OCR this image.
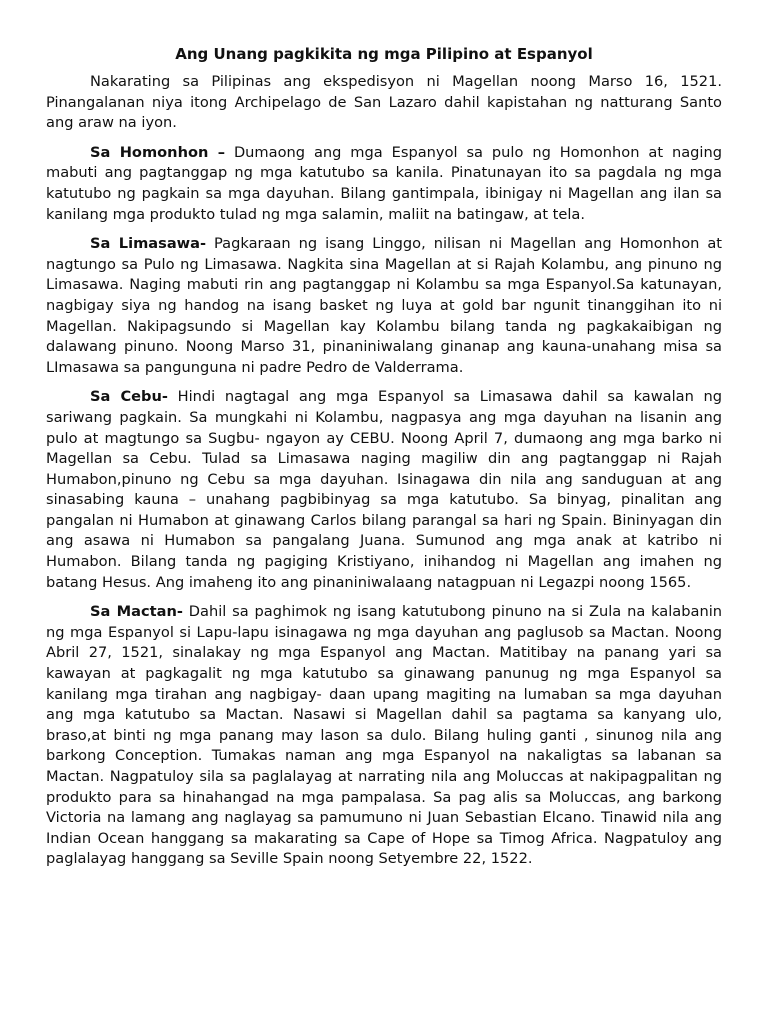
Ang Unang pagkikita ng mga Pilipino at Espanyol

Nakarating sa Pilipinas ang ekspedisyon ni Magellan noong Marso 16, 1521. Pinangalanan niya itong Archipelago de San Lazaro dahil kapistahan ng natturang Santo ang araw na iyon.

Sa Homonhon – Dumaong ang mga Espanyol sa pulo ng Homonhon at naging mabuti ang pagtanggap ng mga katutubo sa kanila. Pinatunayan ito sa pagdala ng mga katutubo ng pagkain sa mga dayuhan. Bilang gantimpala, ibinigay ni Magellan ang ilan sa kanilang mga produkto tulad ng mga salamin, maliit na batingaw, at tela.

Sa Limasawa- Pagkaraan ng isang Linggo, nilisan ni Magellan ang Homonhon at nagtungo sa Pulo ng Limasawa. Nagkita sina Magellan at si Rajah Kolambu, ang pinuno ng Limasawa. Naging mabuti rin ang pagtanggap ni Kolambu sa mga Espanyol.Sa katunayan, nagbigay siya ng handog na isang basket ng luya at gold bar ngunit tinanggihan ito ni Magellan. Nakipagsundo si Magellan kay Kolambu bilang tanda ng pagkakaibigan ng dalawang pinuno. Noong Marso 31, pinaniniwalang ginanap ang kauna-unahang misa sa LImasawa sa pangunguna ni padre Pedro de Valderrama.

Sa Cebu- Hindi nagtagal ang mga Espanyol sa Limasawa dahil sa kawalan ng sariwang pagkain. Sa mungkahi ni Kolambu, nagpasya ang mga dayuhan na lisanin ang pulo at magtungo sa Sugbu- ngayon ay CEBU. Noong April 7, dumaong ang mga barko ni Magellan sa Cebu. Tulad sa Limasawa naging magiliw din ang pagtanggap ni Rajah Humabon,pinuno ng Cebu sa mga dayuhan. Isinagawa din nila ang sanduguan at ang sinasabing kauna – unahang pagbibinyag sa mga katutubo. Sa binyag, pinalitan ang pangalan ni Humabon at ginawang Carlos bilang parangal sa hari ng Spain. Bininyagan din ang asawa ni Humabon sa pangalang Juana. Sumunod ang mga anak at katribo ni Humabon. Bilang tanda ng pagiging Kristiyano, inihandog ni Magellan ang imahen ng batang Hesus. Ang imaheng ito ang pinaniniwalaang natagpuan ni Legazpi noong 1565.

Sa Mactan- Dahil sa paghimok ng isang katutubong pinuno na si Zula na kalabanin ng mga Espanyol si Lapu-lapu isinagawa ng mga dayuhan ang paglusob sa Mactan. Noong Abril 27, 1521, sinalakay ng mga Espanyol ang Mactan. Matitibay na panang yari sa kawayan at pagkagalit ng mga katutubo sa ginawang panunug ng mga Espanyol sa kanilang mga tirahan ang nagbigay- daan upang magiting na lumaban sa mga dayuhan ang mga katutubo sa Mactan. Nasawi si Magellan dahil sa pagtama sa kanyang ulo, braso,at binti ng mga panang may lason sa dulo. Bilang huling ganti , sinunog nila ang barkong Conception. Tumakas naman ang mga Espanyol na nakaligtas sa labanan sa Mactan. Nagpatuloy sila sa paglalayag at narrating nila ang Moluccas at nakipagpalitan ng produkto para sa hinahangad na mga pampalasa. Sa pag alis sa Moluccas, ang barkong Victoria na lamang ang naglayag sa pamumuno ni Juan Sebastian Elcano. Tinawid nila ang Indian Ocean hanggang sa makarating sa Cape of Hope sa Timog Africa. Nagpatuloy ang paglalayag hanggang sa Seville Spain noong Setyembre 22, 1522.
